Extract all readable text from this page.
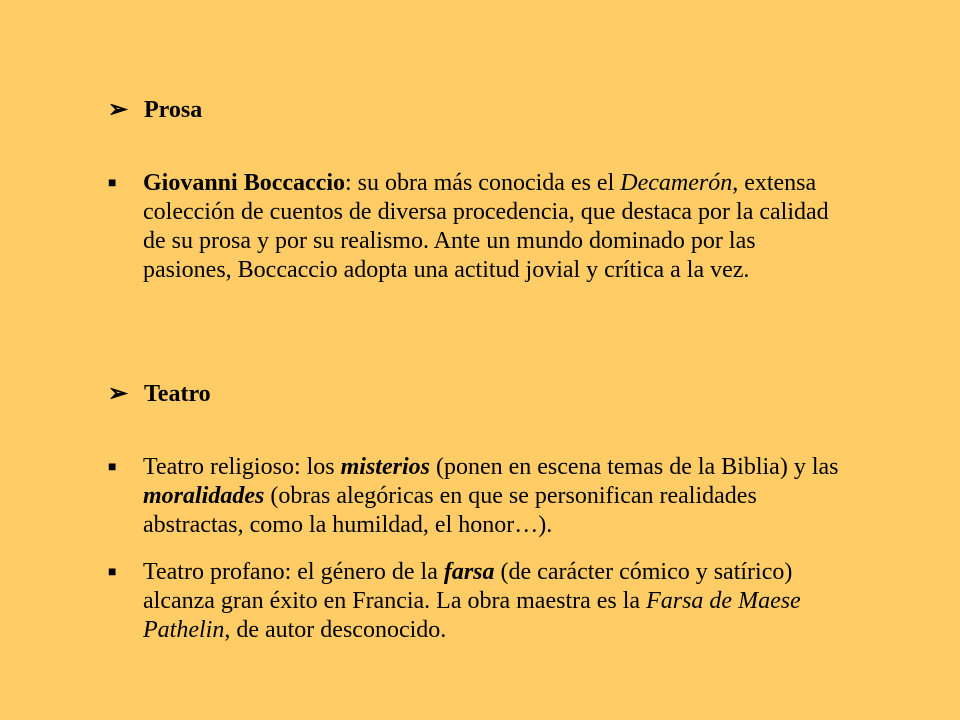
➢ Prosa
■ Giovanni Boccaccio: su obra más conocida es el Decamerón, extensa colección de cuentos de diversa procedencia, que destaca por la calidad de su prosa y por su realismo. Ante un mundo dominado por las pasiones, Boccaccio adopta una actitud jovial y crítica a la vez.
➢ Teatro
■ Teatro religioso: los misterios (ponen en escena temas de la Biblia) y las moralidades (obras alegóricas en que se personifican realidades abstractas, como la humildad, el honor…).
■ Teatro profano: el género de la farsa (de carácter cómico y satírico) alcanza gran éxito en Francia. La obra maestra es la Farsa de Maese Pathelin, de autor desconocido.
